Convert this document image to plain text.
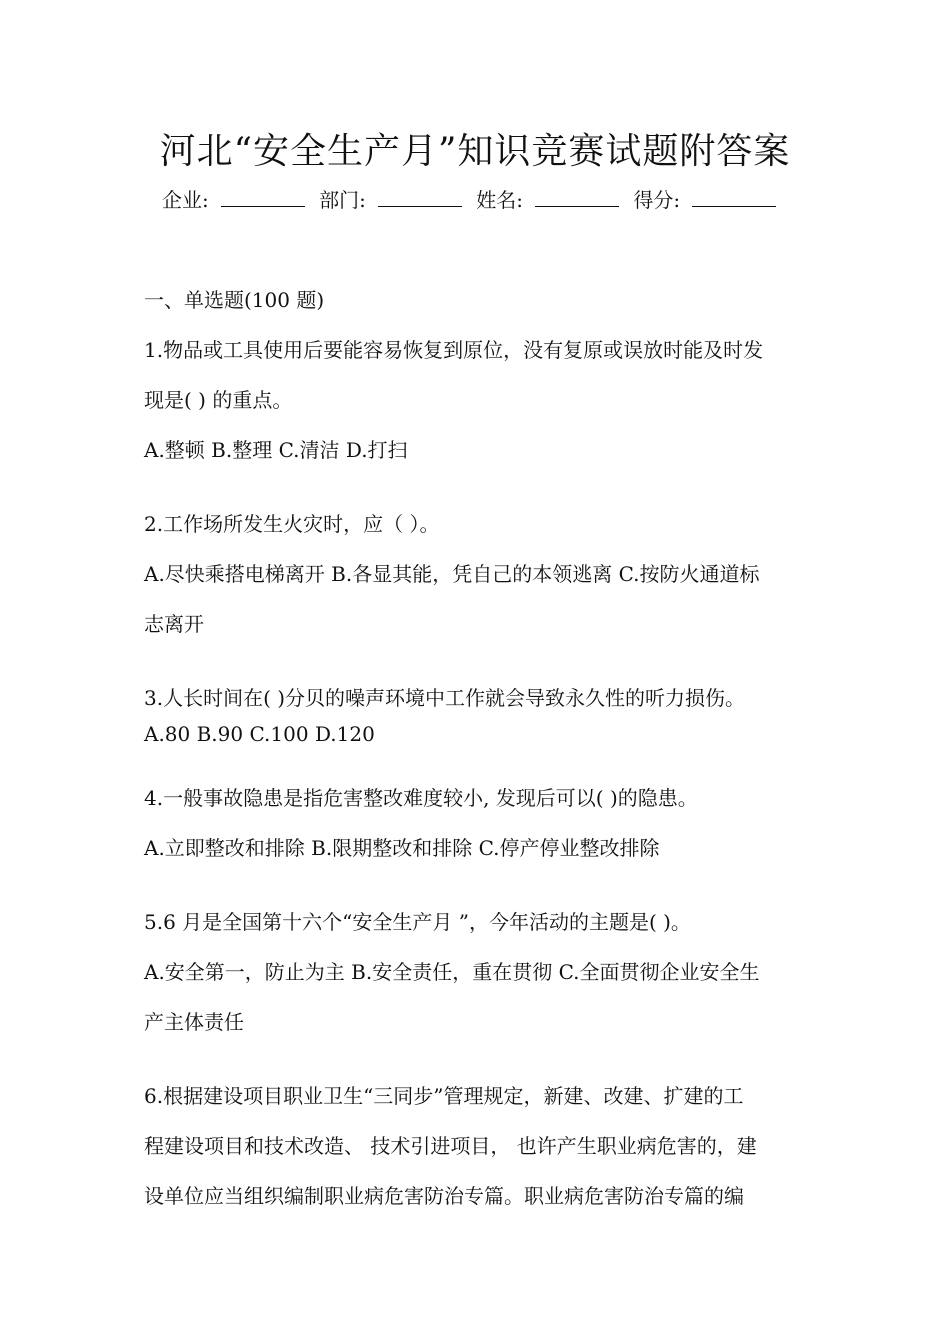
河北“安全生产月”知识竞赛试题附答案
企业:	部门:	姓名:	得分:
一、单选题(100 题)
1.物品或工具使用后要能容易恢复到原位，没有复原或误放时能及时发
现是( ) 的重点。
A.整顿 B.整理 C.清洁 D.打扫
2.工作场所发生火灾时，应（ ）。
A.尽快乘搭电梯离开 B.各显其能，凭自己的本领逃离 C.按防火通道标
志离开
3.人长时间在( )分贝的噪声环境中工作就会导致永久性的听力损伤。
A.80 B.90 C.100 D.120
4.一般事故隐患是指危害整改难度较小, 发现后可以( )的隐患。
A.立即整改和排除 B.限期整改和排除 C.停产停业整改排除
5.6 月是全国第十六个“安全生产月 ”，今年活动的主题是( )。
A.安全第一，防止为主 B.安全责任，重在贯彻 C.全面贯彻企业安全生
产主体责任
6.根据建设项目职业卫生“三同步”管理规定，新建、改建、扩建的工
程建设项目和技术改造、 技术引进项目， 也许产生职业病危害的，建
设单位应当组织编制职业病危害防治专篇。职业病危害防治专篇的编
